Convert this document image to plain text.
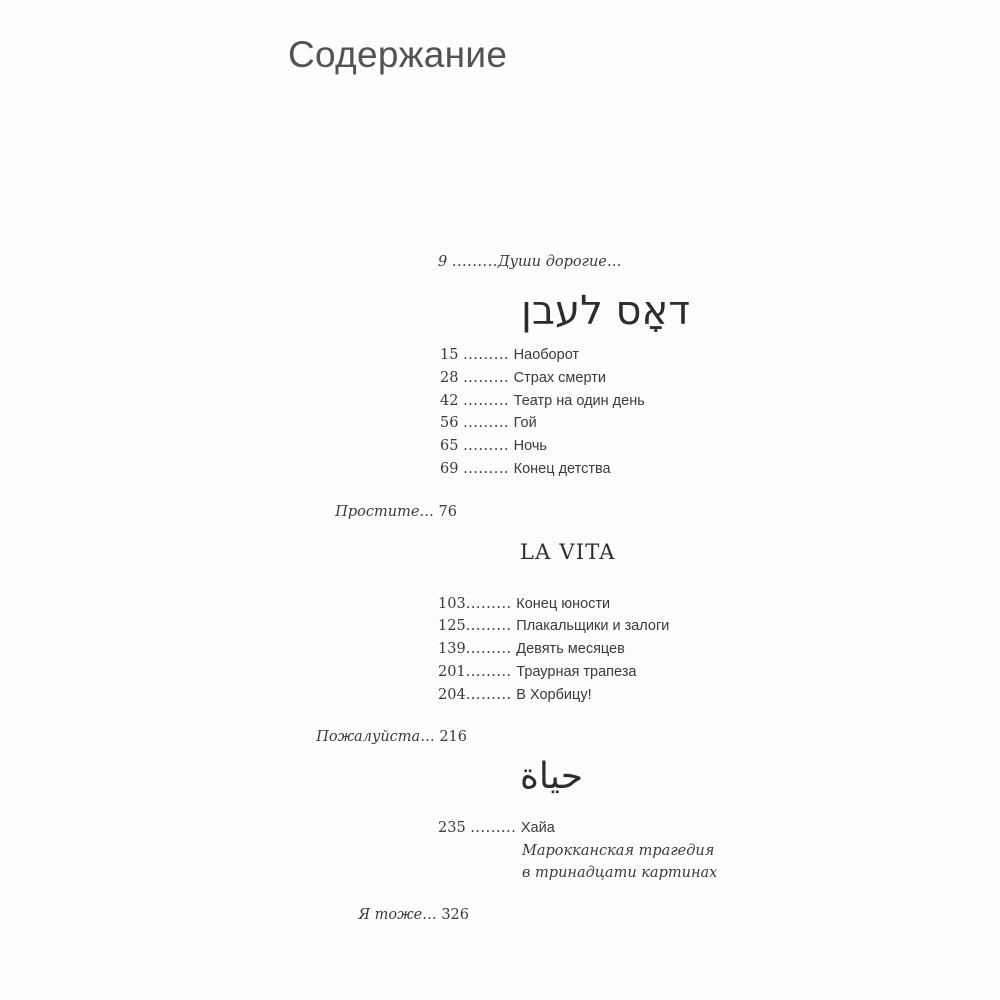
Содержание
9 .........Души дорогие…
דאָס לעבן
15 ......... Наоборот
28 ......... Страх смерти
42 ......... Театр на один день
56 ......... Гой
65 ......... Ночь
69 ......... Конец детства
Простите… 76
LA VITA
103......... Конец юности
125......... Плакальщики и залоги
139......... Девять месяцев
201......... Траурная трапеза
204......... В Хорбицу!
Пожалуйста… 216
حياة
235 ......... Хайа
Марокканская трагедия
в тринадцати картинах
Я тоже… 326
